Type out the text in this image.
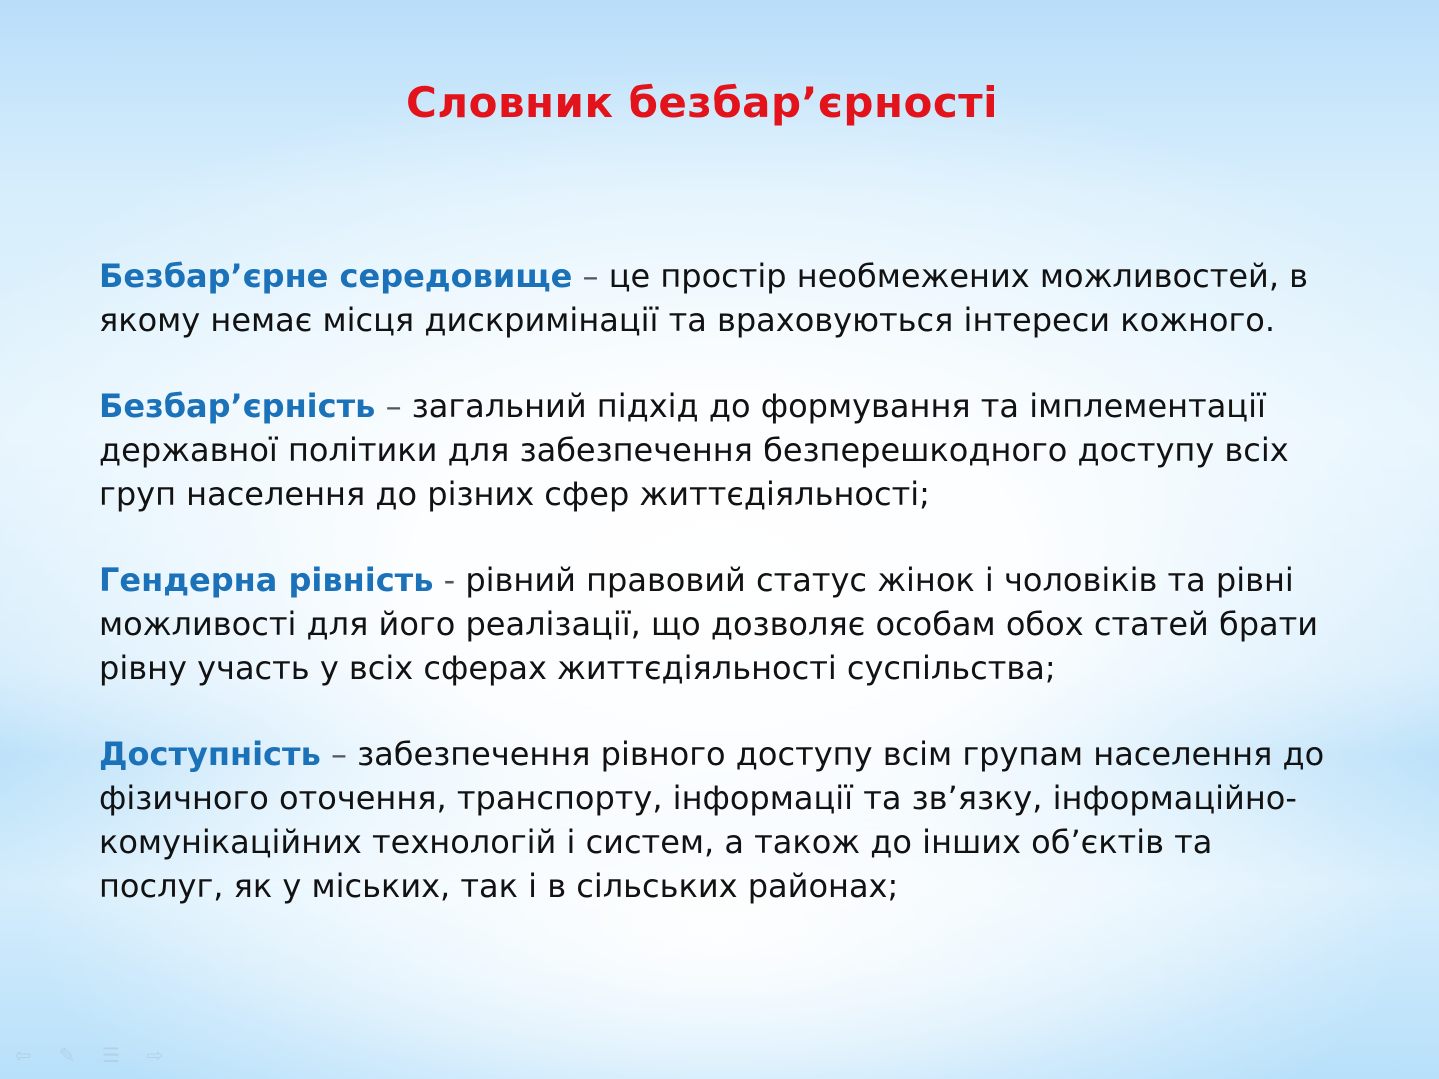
Словник безбар’єрності

Безбар’єрне середовище – це простір необмежених можливостей, в якому немає місця дискримінації та враховуються інтереси кожного.

Безбар’єрність – загальний підхід до формування та імплементації державної політики для забезпечення безперешкодного доступу всіх груп населення до різних сфер життєдіяльності;

Гендерна рівність - рівний правовий статус жінок і чоловіків та рівні можливості для його реалізації, що дозволяє особам обох статей брати рівну участь у всіх сферах життєдіяльності суспільства;

Доступність – забезпечення рівного доступу всім групам населення до фізичного оточення, транспорту, інформації та зв’язку, інформаційно-комунікаційних технологій і систем, а також до інших об’єктів та послуг, як у міських, так і в сільських районах;

⇦ ✎ ☰ ⇨
